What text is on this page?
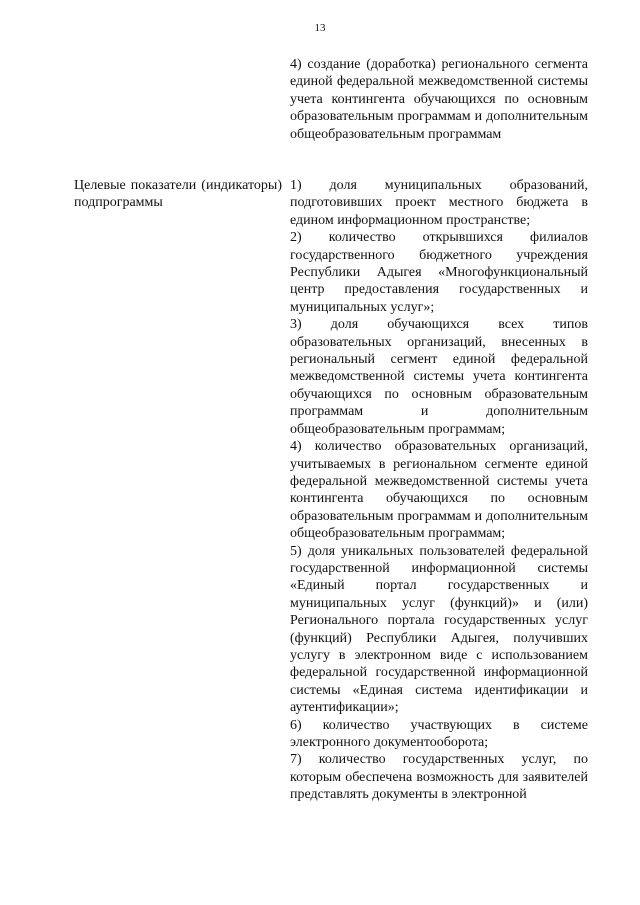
13
4) создание (доработка) регионального сегмента единой федеральной межведомственной системы учета контингента обучающихся по основным образовательным программам и дополнительным общеобразовательным программам
Целевые показатели (индикаторы) подпрограммы

1) доля муниципальных образований, подготовивших проект местного бюджета в едином информационном пространстве;

2) количество открывшихся филиалов государственного бюджетного учреждения Республики Адыгея «Многофункциональный центр предоставления государственных и муниципальных услуг»;

3) доля обучающихся всех типов образовательных организаций, внесенных в региональный сегмент единой федеральной межведомственной системы учета контингента обучающихся по основным образовательным программам и дополнительным общеобразовательным программам;

4) количество образовательных организаций, учитываемых в региональном сегменте единой федеральной межведомственной системы учета контингента обучающихся по основным образовательным программам и дополнительным общеобразовательным программам;

5) доля уникальных пользователей федеральной государственной информационной системы «Единый портал государственных и муниципальных услуг (функций)» и (или) Регионального портала государственных услуг (функций) Республики Адыгея, получивших услугу в электронном виде с использованием федеральной государственной информационной системы «Единая система идентификации и аутентификации»;

6) количество участвующих в системе электронного документооборота;

7) количество государственных услуг, по которым обеспечена возможность для заявителей представлять документы в электронной
